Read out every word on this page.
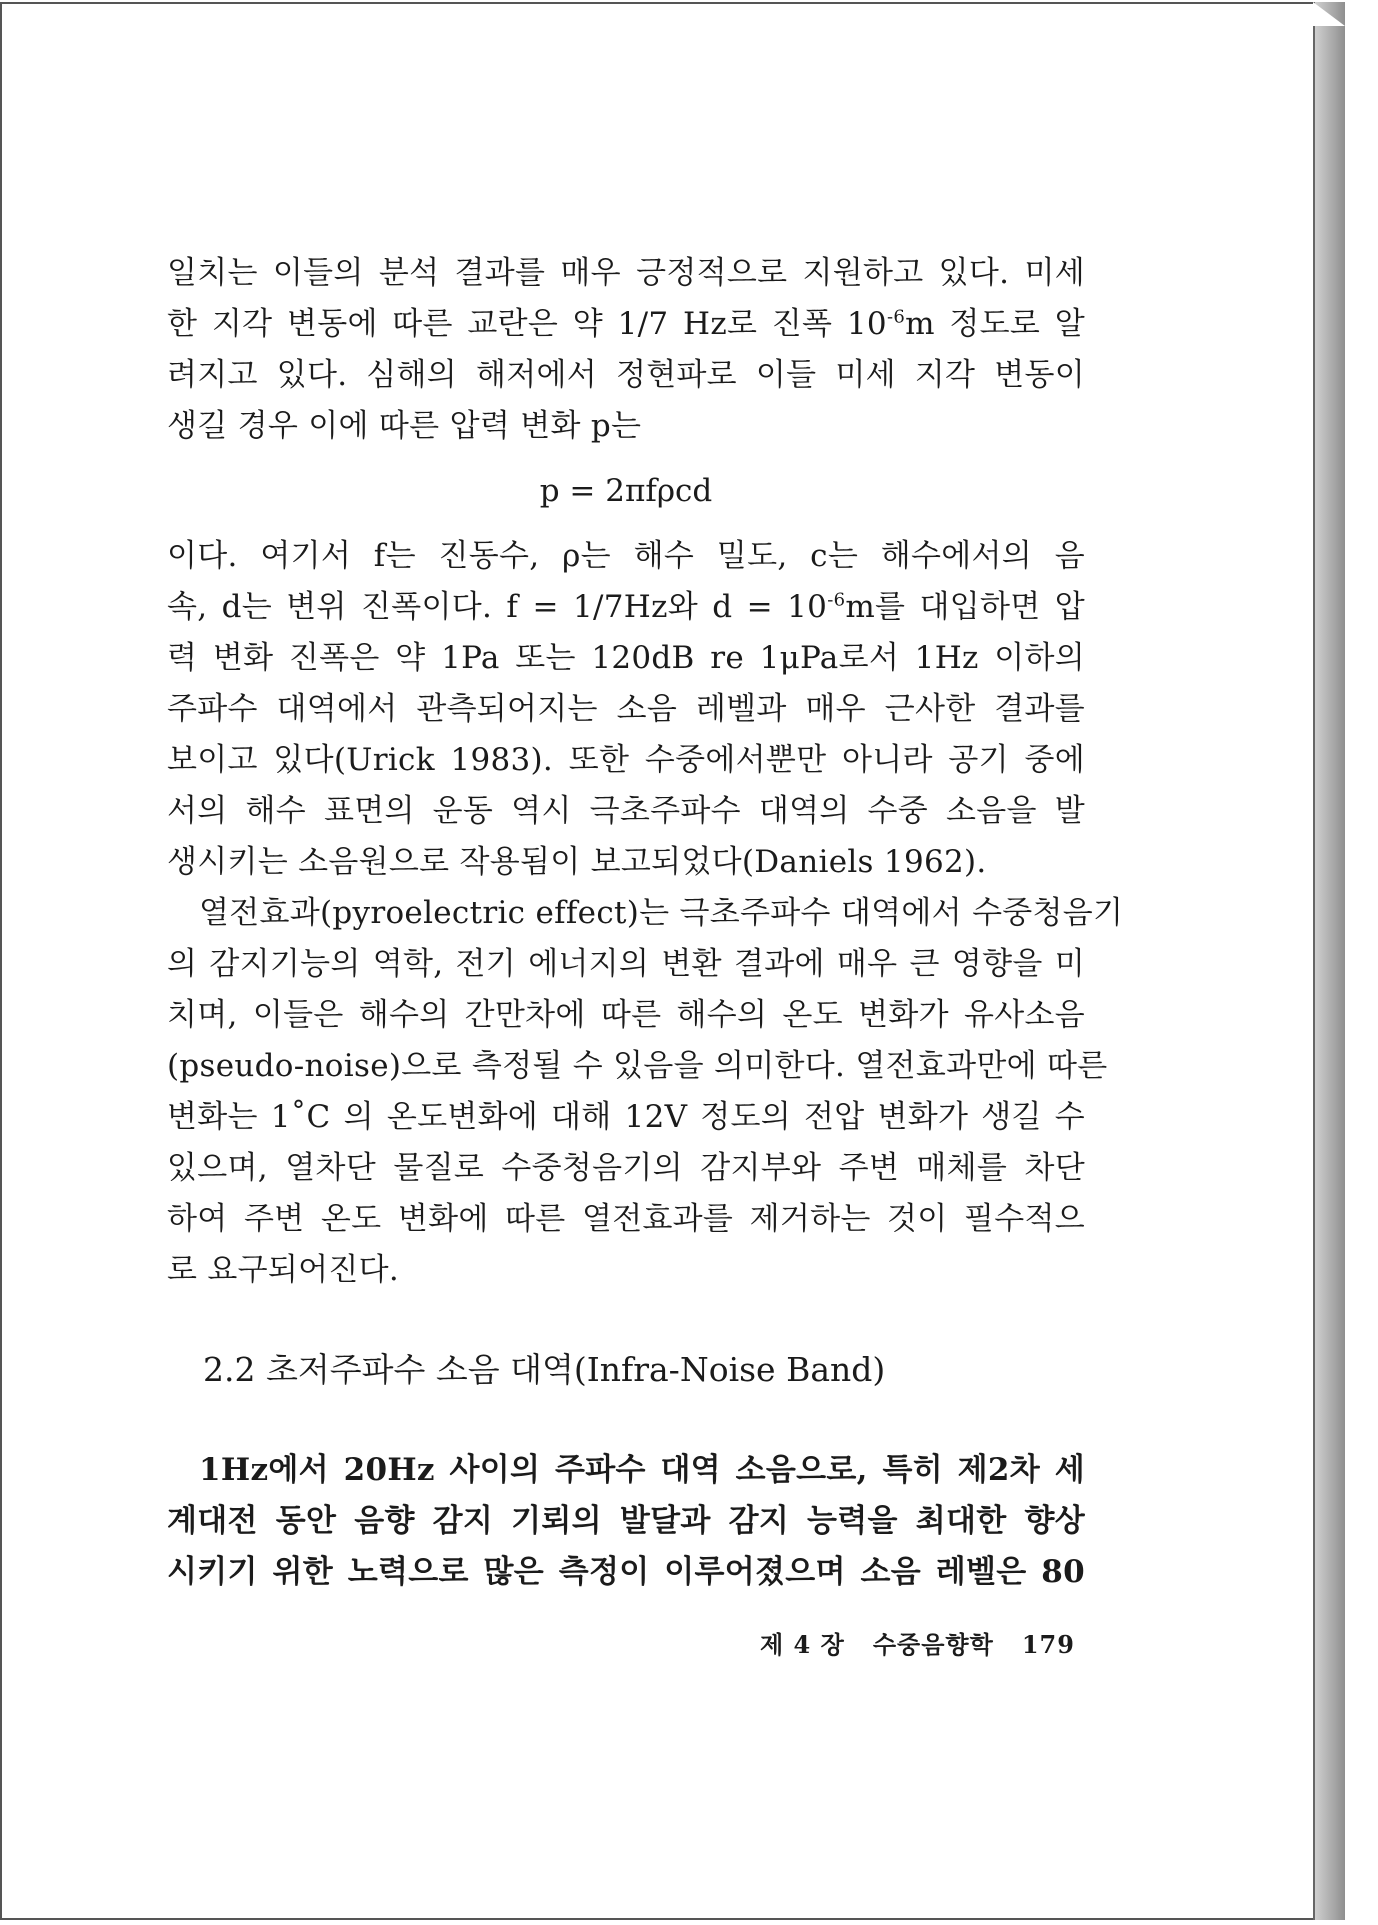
일치는 이들의 분석 결과를 매우 긍정적으로 지원하고 있다. 미세
한 지각 변동에 따른 교란은 약 1/7 Hz로 진폭 $10^{-6}m$ 정도로 알
려지고 있다. 심해의 해저에서 정현파로 이들 미세 지각 변동이
생길 경우 이에 따른 압력 변화 p는
p = 2πfρcd
이다. 여기서 f는 진동수, ρ는 해수 밀도, c는 해수에서의 음
속, d는 변위 진폭이다. f = 1/7Hz와 $d = 10^{-6}m$를 대입하면 압
력 변화 진폭은 약 1Pa 또는 120dB re 1μPa로서 1Hz 이하의
주파수 대역에서 관측되어지는 소음 레벨과 매우 근사한 결과를
보이고 있다(Urick 1983). 또한 수중에서뿐만 아니라 공기 중에
서의 해수 표면의 운동 역시 극초주파수 대역의 수중 소음을 발
생시키는 소음원으로 작용됨이 보고되었다(Daniels 1962).
열전효과(pyroelectric effect)는 극초주파수 대역에서 수중청음기
의 감지기능의 역학, 전기 에너지의 변환 결과에 매우 큰 영향을 미
치며, 이들은 해수의 간만차에 따른 해수의 온도 변화가 유사소음
(pseudo-noise)으로 측정될 수 있음을 의미한다. 열전효과만에 따른
변화는 1˚C 의 온도변화에 대해 12V 정도의 전압 변화가 생길 수
있으며, 열차단 물질로 수중청음기의 감지부와 주변 매체를 차단
하여 주변 온도 변화에 따른 열전효과를 제거하는 것이 필수적으
로 요구되어진다.
2.2 초저주파수 소음 대역(Infra-Noise Band)
1Hz에서 20Hz 사이의 주파수 대역 소음으로, 특히 제2차 세
계대전 동안 음향 감지 기뢰의 발달과 감지 능력을 최대한 향상
시키기 위한 노력으로 많은 측정이 이루어졌으며 소음 레벨은 80
제 4 장 수중음향학 179
